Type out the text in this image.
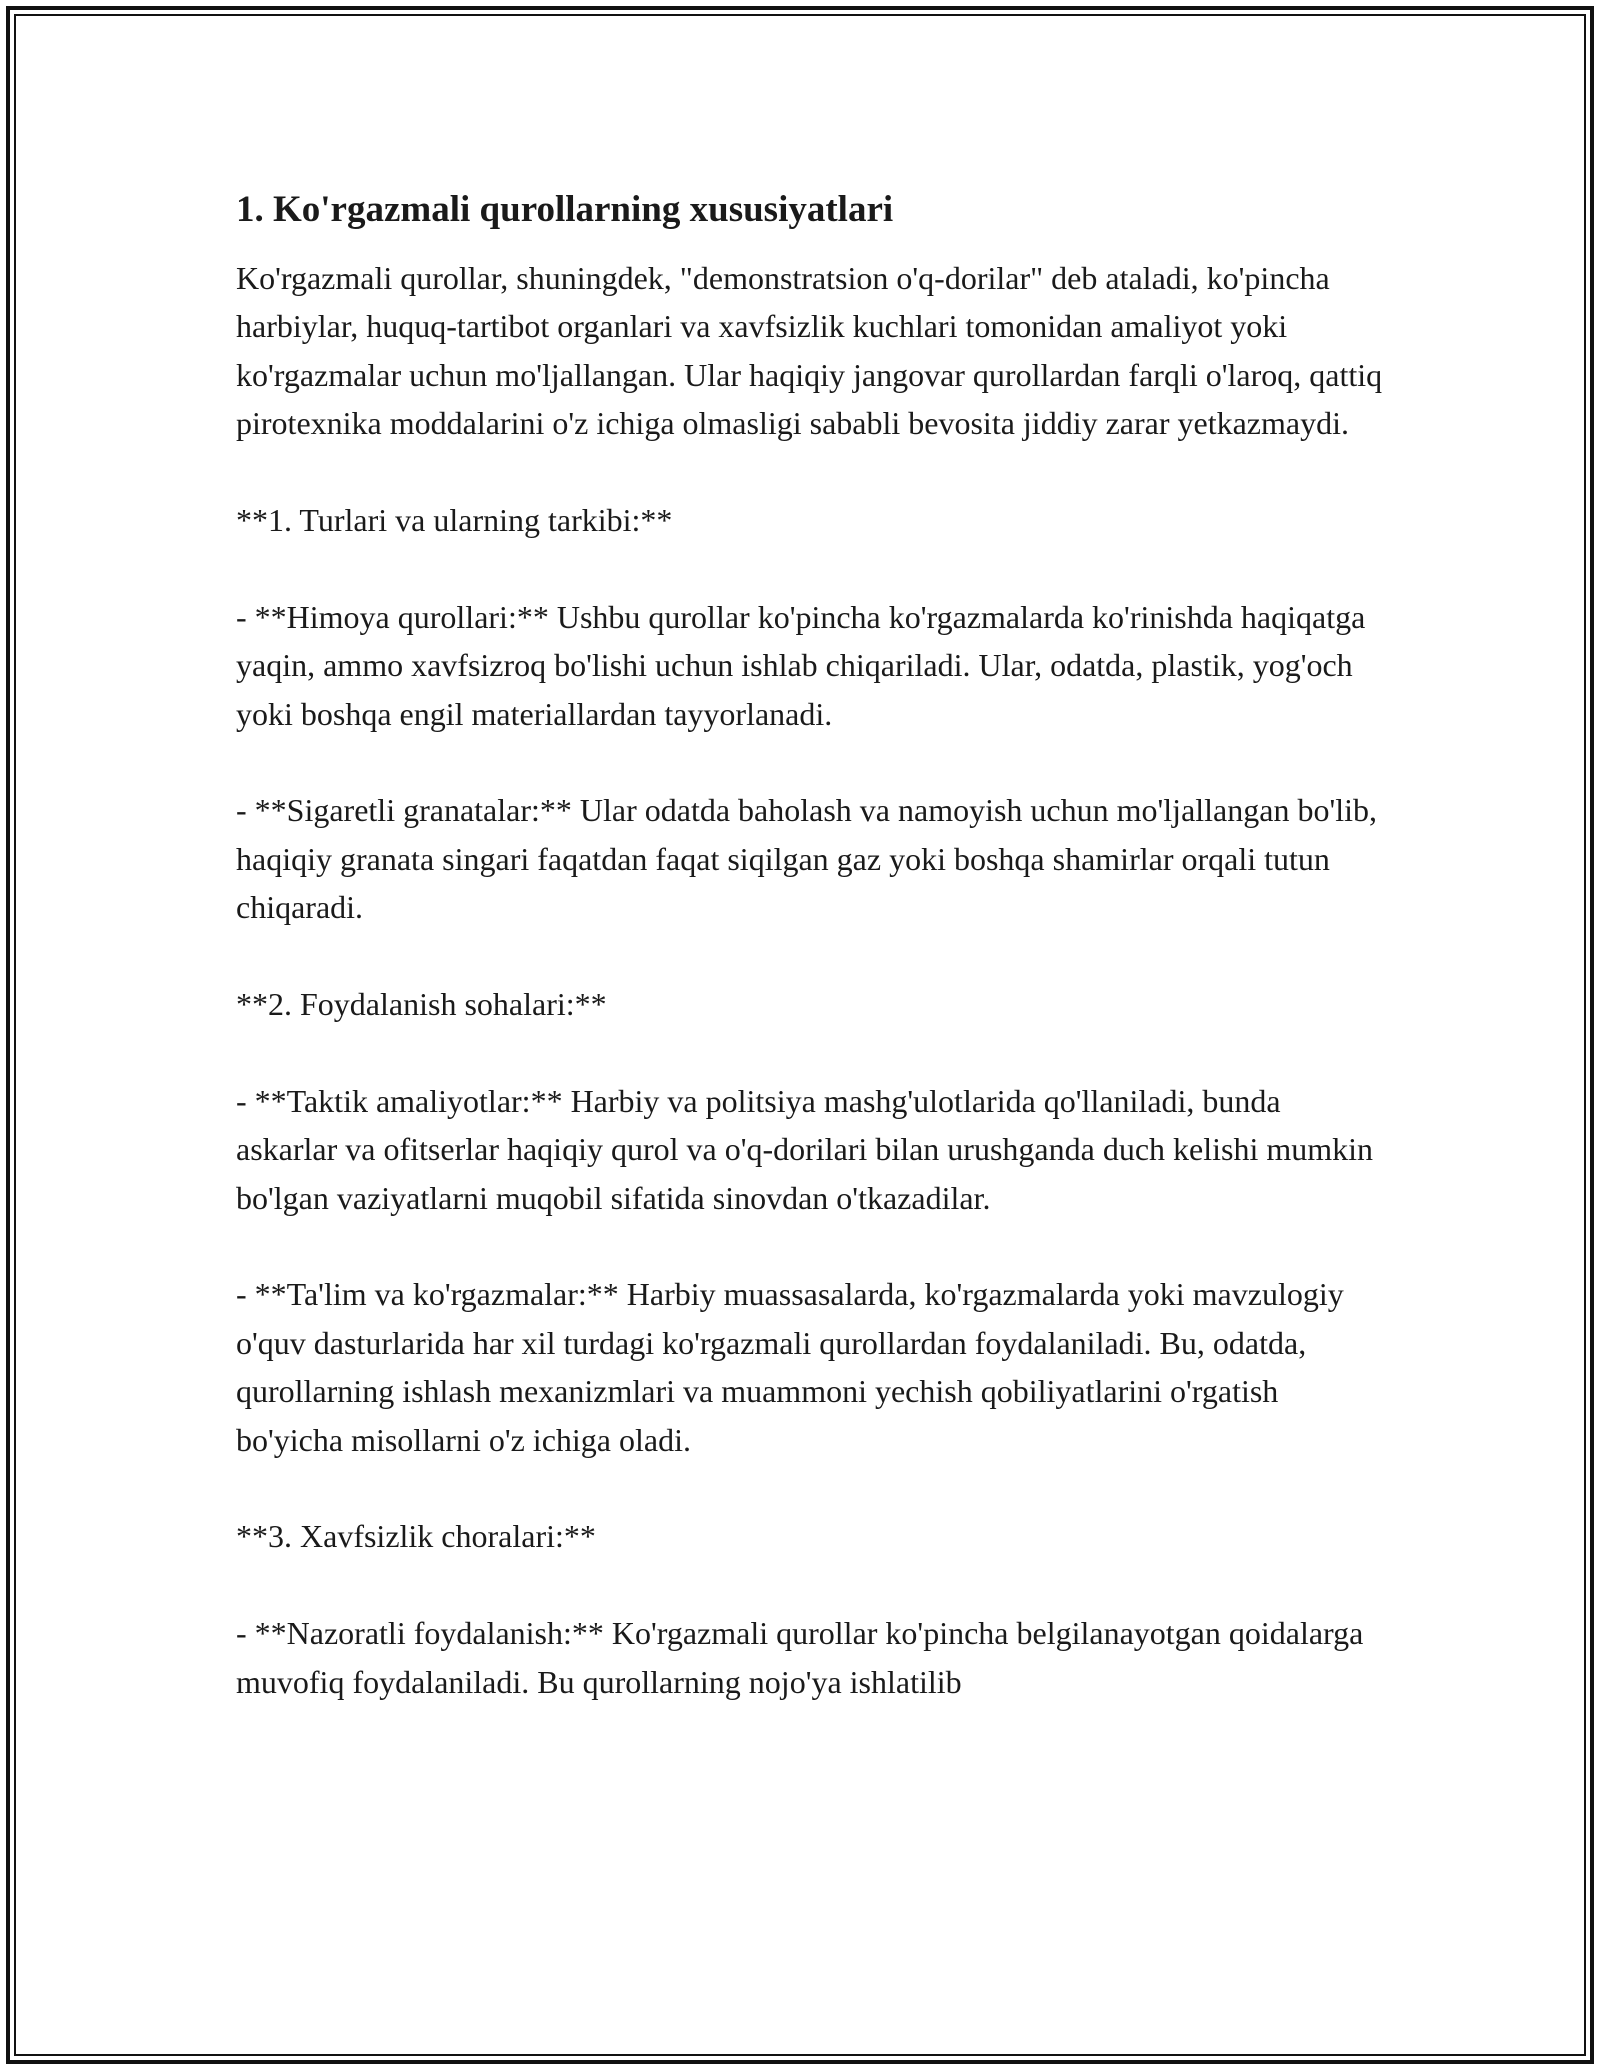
1. Ko'rgazmali qurollarning xususiyatlari

Ko'rgazmali qurollar, shuningdek, "demonstratsion o'q-dorilar" deb ataladi, ko'pincha harbiylar, huquq-tartibot organlari va xavfsizlik kuchlari tomonidan amaliyot yoki ko'rgazmalar uchun mo'ljallangan. Ular haqiqiy jangovar qurollardan farqli o'laroq, qattiq pirotexnika moddalarini o'z ichiga olmasligi sababli bevosita jiddiy zarar yetkazmaydi.

**1. Turlari va ularning tarkibi:**

- **Himoya qurollari:** Ushbu qurollar ko'pincha ko'rgazmalarda ko'rinishda haqiqatga yaqin, ammo xavfsizroq bo'lishi uchun ishlab chiqariladi. Ular, odatda, plastik, yog'och yoki boshqa engil materiallardan tayyorlanadi.

- **Sigaretli granatalar:** Ular odatda baholash va namoyish uchun mo'ljallangan bo'lib, haqiqiy granata singari faqatdan faqat siqilgan gaz yoki boshqa shamirlar orqali tutun chiqaradi.

**2. Foydalanish sohalari:**

- **Taktik amaliyotlar:** Harbiy va politsiya mashg'ulotlarida qo'llaniladi, bunda askarlar va ofitserlar haqiqiy qurol va o'q-dorilari bilan urushganda duch kelishi mumkin bo'lgan vaziyatlarni muqobil sifatida sinovdan o'tkazadilar.

- **Ta'lim va ko'rgazmalar:** Harbiy muassasalarda, ko'rgazmalarda yoki mavzulogiy o'quv dasturlarida har xil turdagi ko'rgazmali qurollardan foydalaniladi. Bu, odatda, qurollarning ishlash mexanizmlari va muammoni yechish qobiliyatlarini o'rgatish bo'yicha misollarni o'z ichiga oladi.

**3. Xavfsizlik choralari:**

- **Nazoratli foydalanish:** Ko'rgazmali qurollar ko'pincha belgilanayotgan qoidalarga muvofiq foydalaniladi. Bu qurollarning nojo'ya ishlatilib
